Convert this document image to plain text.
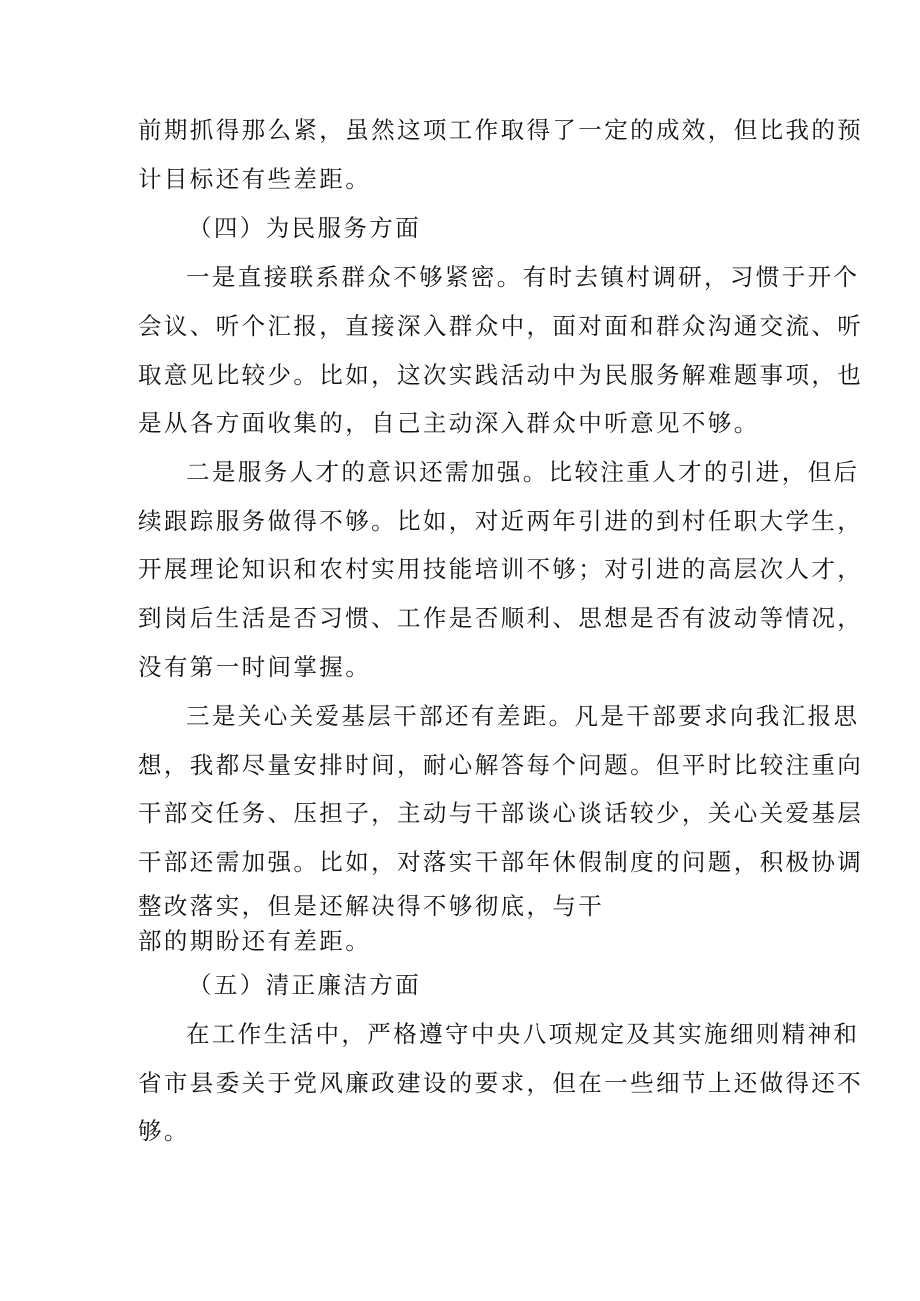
前期抓得那么紧，虽然这项工作取得了一定的成效，但比我的预
计目标还有些差距。
（四）为民服务方面
一是直接联系群众不够紧密。有时去镇村调研，习惯于开个
会议、听个汇报，直接深入群众中，面对面和群众沟通交流、听
取意见比较少。比如，这次实践活动中为民服务解难题事项，也
是从各方面收集的，自己主动深入群众中听意见不够。
二是服务人才的意识还需加强。比较注重人才的引进，但后
续跟踪服务做得不够。比如，对近两年引进的到村任职大学生，
开展理论知识和农村实用技能培训不够；对引进的高层次人才，
到岗后生活是否习惯、工作是否顺利、思想是否有波动等情况，
没有第一时间掌握。
三是关心关爱基层干部还有差距。凡是干部要求向我汇报思
想，我都尽量安排时间，耐心解答每个问题。但平时比较注重向
干部交任务、压担子，主动与干部谈心谈话较少，关心关爱基层
干部还需加强。比如，对落实干部年休假制度的问题，积极协调
整改落实，但是还解决得不够彻底，与干
部的期盼还有差距。
（五）清正廉洁方面
在工作生活中，严格遵守中央八项规定及其实施细则精神和
省市县委关于党风廉政建设的要求，但在一些细节上还做得还不
够。
